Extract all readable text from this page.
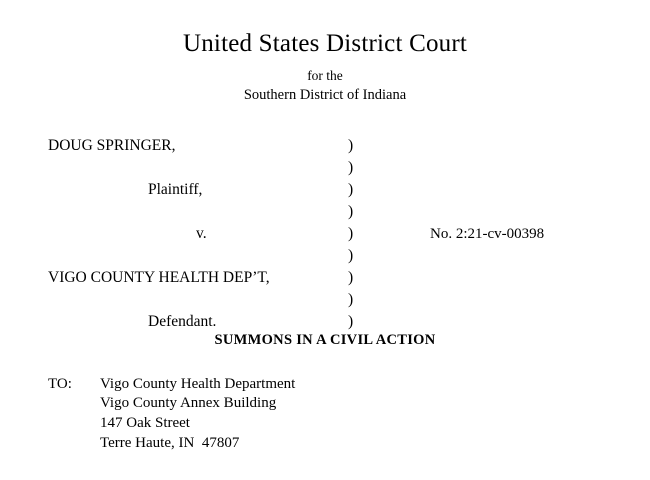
United States District Court
for the
Southern District of Indiana
DOUG SPRINGER,	)
)
Plaintiff,	)
)
v.	)	No. 2:21-cv-00398
)
VIGO COUNTY HEALTH DEP’T,	)
)
Defendant.	)
SUMMONS IN A CIVIL ACTION
TO:	Vigo County Health Department
Vigo County Annex Building
147 Oak Street
Terre Haute, IN  47807
